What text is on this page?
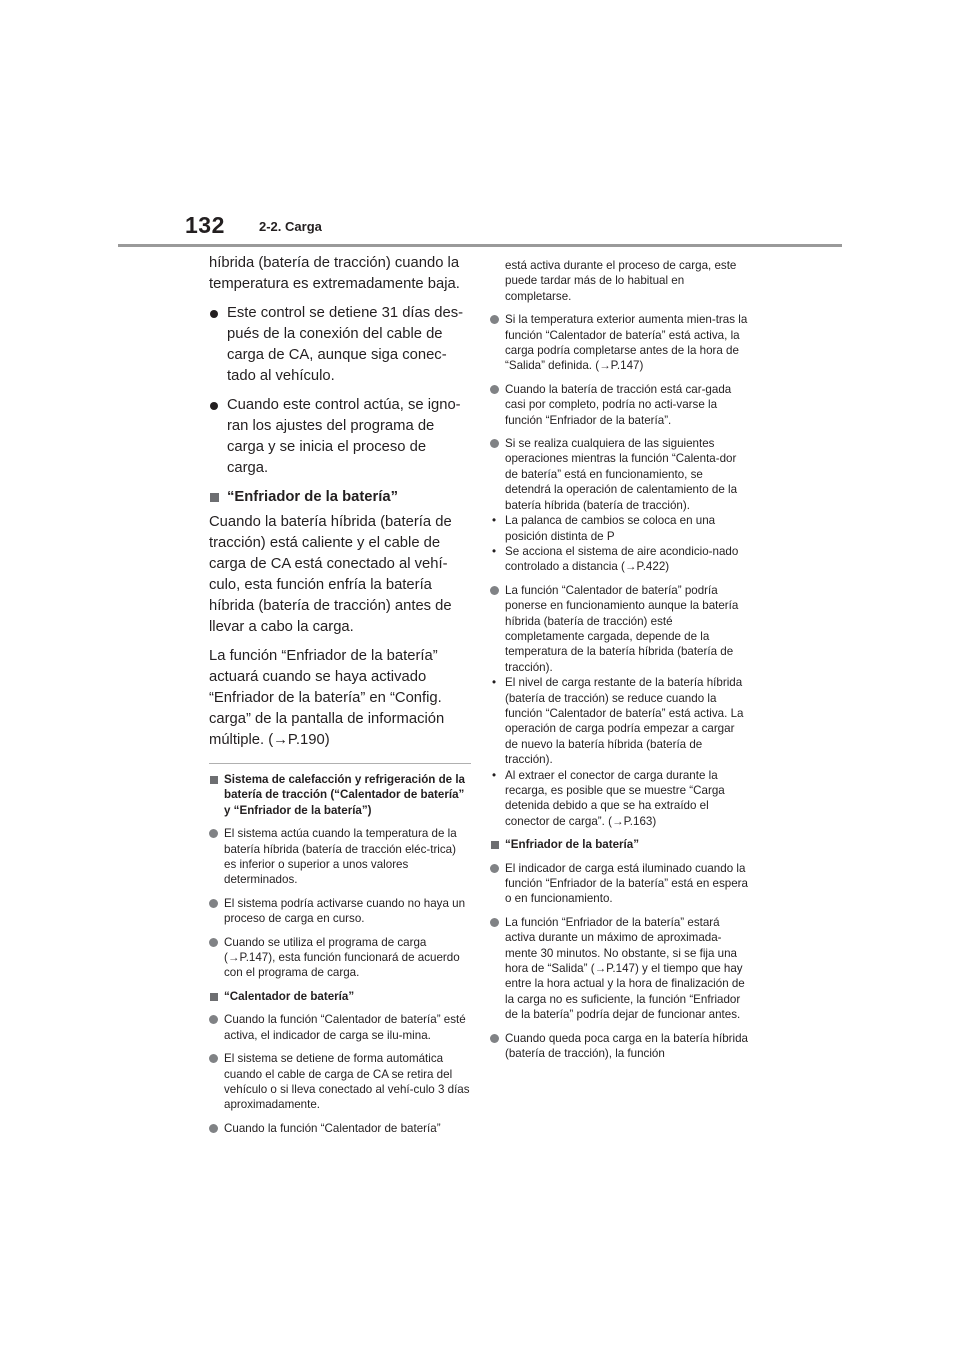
132	2-2. Carga

híbrida (batería de tracción) cuando la temperatura es extremadamente baja.

Este control se detiene 31 días des-pués de la conexión del cable de carga de CA, aunque siga conec-tado al vehículo.

Cuando este control actúa, se igno-ran los ajustes del programa de carga y se inicia el proceso de carga.

“Enfriador de la batería”

Cuando la batería híbrida (batería de tracción) está caliente y el cable de carga de CA está conectado al vehí-culo, esta función enfría la batería híbrida (batería de tracción) antes de llevar a cabo la carga.

La función “Enfriador de la batería” actuará cuando se haya activado “Enfriador de la batería” en “Config. carga” de la pantalla de información múltiple. (→P.190)

Sistema de calefacción y refrigeración de la batería de tracción (“Calentador de batería” y “Enfriador de la batería”)
El sistema actúa cuando la temperatura de la batería híbrida (batería de tracción eléc-trica) es inferior o superior a unos valores determinados.
El sistema podría activarse cuando no haya un proceso de carga en curso.
Cuando se utiliza el programa de carga (→P.147), esta función funcionará de acuerdo con el programa de carga.
“Calentador de batería”
Cuando la función “Calentador de batería” esté activa, el indicador de carga se ilu-mina.
El sistema se detiene de forma automática cuando el cable de carga de CA se retira del vehículo o si lleva conectado al vehí-culo 3 días aproximadamente.
Cuando la función “Calentador de batería”
está activa durante el proceso de carga, este puede tardar más de lo habitual en completarse.
Si la temperatura exterior aumenta mien-tras la función “Calentador de batería” está activa, la carga podría completarse antes de la hora de “Salida” definida. (→P.147)
Cuando la batería de tracción está car-gada casi por completo, podría no acti-varse la función “Enfriador de la batería”.
Si se realiza cualquiera de las siguientes operaciones mientras la función “Calenta-dor de batería” está en funcionamiento, se detendrá la operación de calentamiento de la batería híbrida (batería de tracción).
• La palanca de cambios se coloca en una posición distinta de P
• Se acciona el sistema de aire acondicio-nado controlado a distancia (→P.422)
La función “Calentador de batería” podría ponerse en funcionamiento aunque la batería híbrida (batería de tracción) esté completamente cargada, depende de la temperatura de la batería híbrida (batería de tracción).
• El nivel de carga restante de la batería híbrida (batería de tracción) se reduce cuando la función “Calentador de batería” está activa. La operación de carga podría empezar a cargar de nuevo la batería híbrida (batería de tracción).
• Al extraer el conector de carga durante la recarga, es posible que se muestre “Carga detenida debido a que se ha extraído el conector de carga”. (→P.163)
“Enfriador de la batería”
El indicador de carga está iluminado cuando la función “Enfriador de la batería” está en espera o en funcionamiento.
La función “Enfriador de la batería” estará activa durante un máximo de aproximada-mente 30 minutos. No obstante, si se fija una hora de “Salida” (→P.147) y el tiempo que hay entre la hora actual y la hora de finalización de la carga no es suficiente, la función “Enfriador de la batería” podría dejar de funcionar antes.
Cuando queda poca carga en la batería híbrida (batería de tracción), la función
